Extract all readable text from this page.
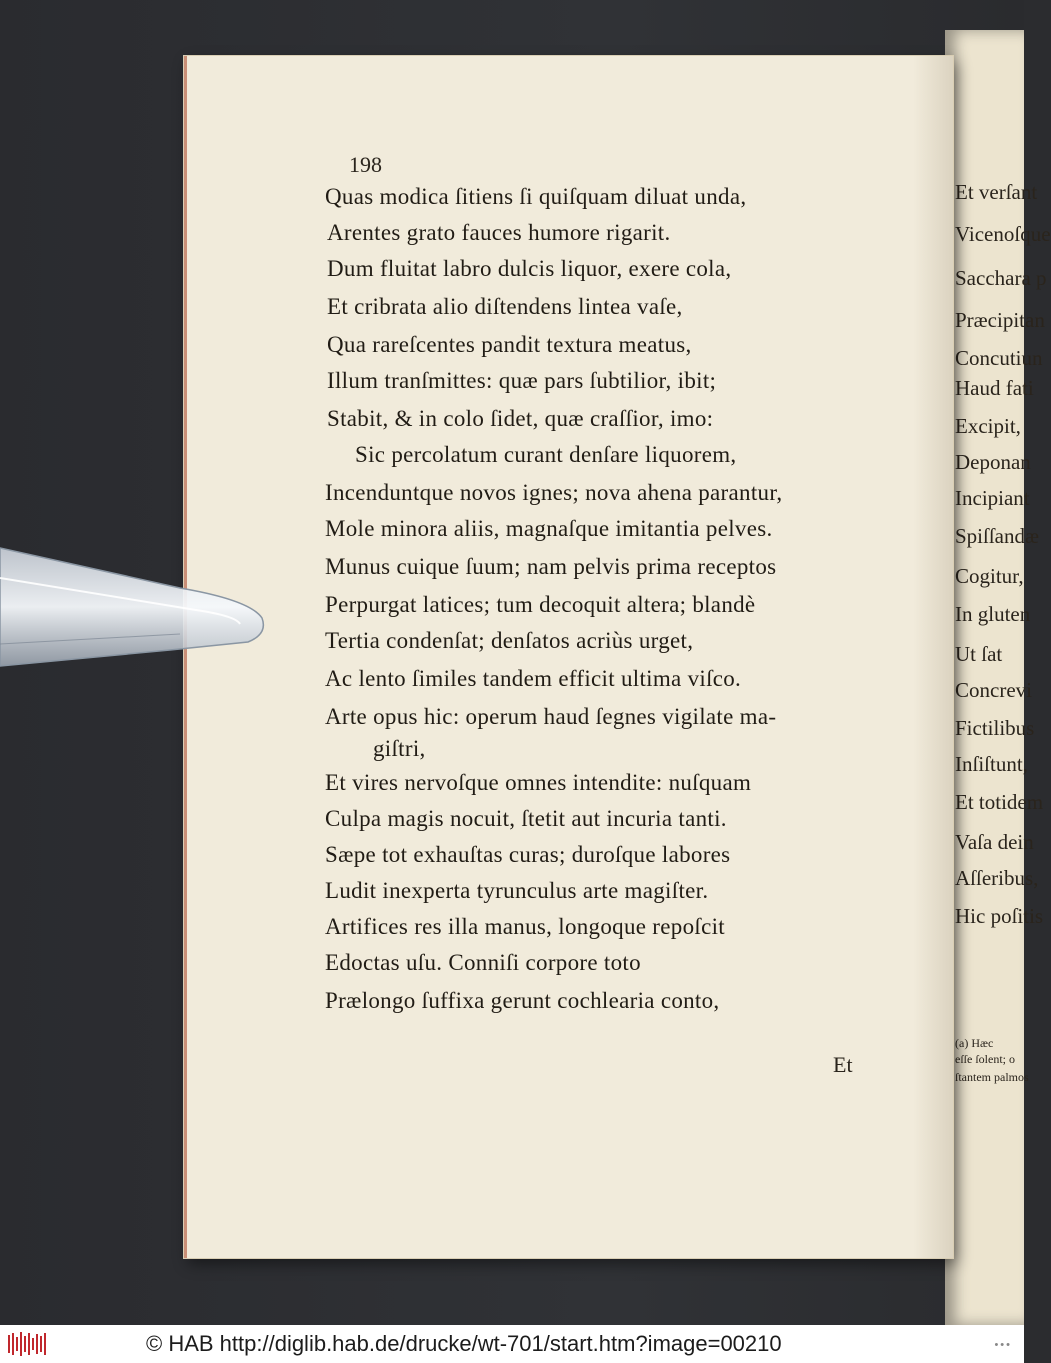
Et verſant
Vicenoſque
Sacchara p
Præcipitan
Concutiun
Haud fati
Excipit,
Deponan
Incipiant
Spiſſandæ
Cogitur,
In gluten
Ut ſat
Concrevi
Fictilibus
Inſiſtunt,
Et totidem
Vaſa dein
Aſſeribus,
Hic poſitis
(a) Hæc
eſſe ſolent; o
ſtantem palmos
198
Quas modica ſitiens ſi quiſquam diluat unda,
Arentes grato fauces humore rigarit.
Dum fluitat labro dulcis liquor, exere cola,
Et cribrata alio diſtendens lintea vaſe,
Qua rareſcentes pandit textura meatus,
Illum tranſmittes: quæ pars ſubtilior, ibit;
Stabit, & in colo ſidet, quæ craſſior, imo:
Sic percolatum curant denſare liquorem,
Incenduntque novos ignes; nova ahena parantur,
Mole minora aliis, magnaſque imitantia pelves.
Munus cuique ſuum; nam pelvis prima receptos
Perpurgat latices; tum decoquit altera; blandè
Tertia condenſat; denſatos acriùs urget,
Ac lento ſimiles tandem efficit ultima viſco.
Arte opus hic: operum haud ſegnes vigilate ma-
giſtri,
Et vires nervoſque omnes intendite: nuſquam
Culpa magis nocuit, ſtetit aut incuria tanti.
Sæpe tot exhauſtas curas; duroſque labores
Ludit inexperta tyrunculus arte magiſter.
Artifices res illa manus, longoque repoſcit
Edoctas uſu. Conniſi corpore toto
Prælongo ſuffixa gerunt cochlearia conto,
Et
© HAB http://diglib.hab.de/drucke/wt-701/start.htm?image=00210	•••
